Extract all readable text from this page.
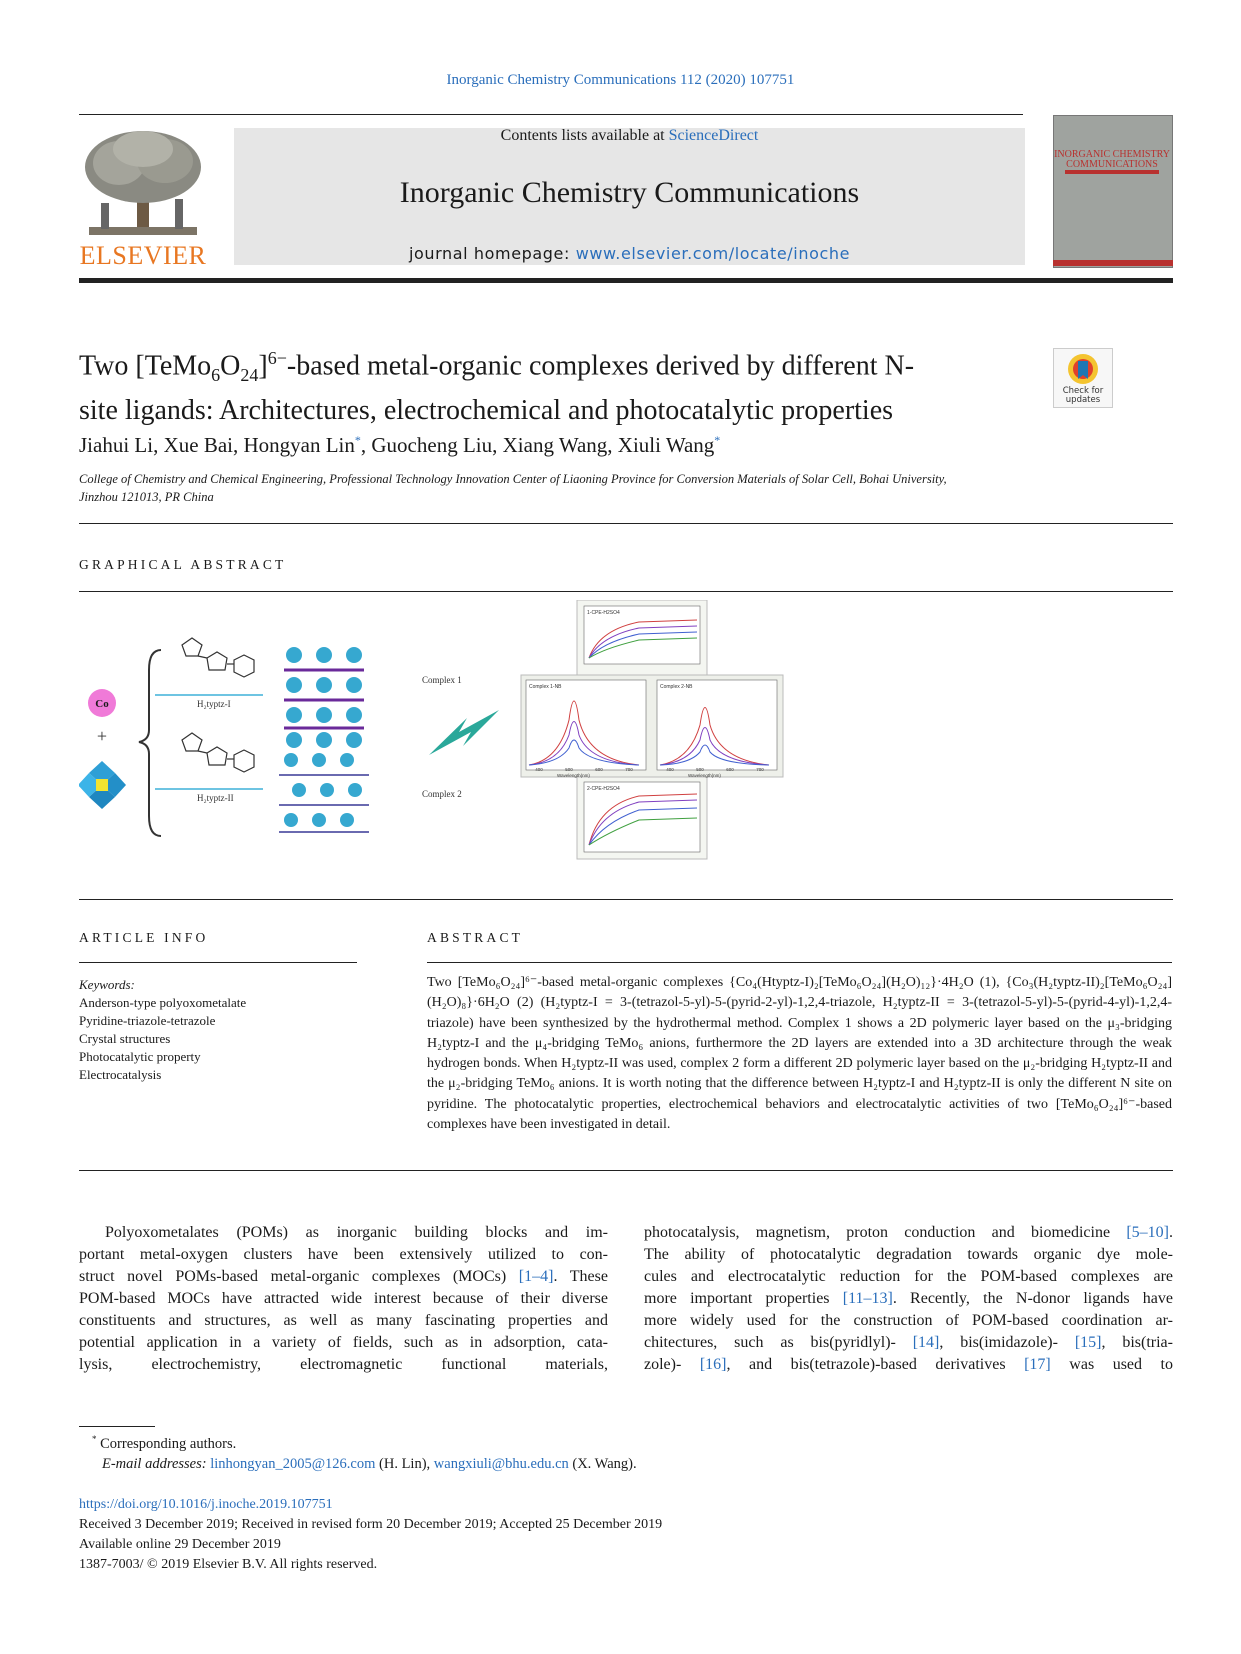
Inorganic Chemistry Communications 112 (2020) 107751
ELSEVIER
Contents lists available at ScienceDirect
Inorganic Chemistry Communications
journal homepage: www.elsevier.com/locate/inoche
INORGANIC CHEMISTRY COMMUNICATIONS
Two $[TeMo_6O_{24}]^{6-}$-based metal-organic complexes derived by different N-
site ligands: Architectures, electrochemical and photocatalytic properties
Check for updates
Jiahui Li, Xue Bai, Hongyan Lin*, Guocheng Liu, Xiang Wang, Xiuli Wang*
College of Chemistry and Chemical Engineering, Professional Technology Innovation Center of Liaoning Province for Conversion Materials of Solar Cell, Bohai University,
Jinzhou 121013, PR China
GRAPHICAL ABSTRACT
Co
+
H₂typtz-I
H₂typtz-II
Complex 1
Complex 2
1-CPE-H2SO4
Complex 1-NB	Complex 2-NB
2-CPE-H2SO4
400	500	600	700	400	500	600	700
Wavelength(nm)	Wavelength(nm)
ARTICLE INFO
Keywords:
Anderson-type polyoxometalate
Pyridine-triazole-tetrazole
Crystal structures
Photocatalytic property
Electrocatalysis
ABSTRACT
Two [TeMo₆O₂₄]⁶⁻-based metal-organic complexes {Co₄(Htyptz-I)₂[TeMo₆O₂₄](H₂O)₁₂}·4H₂O (1), {Co₃(H₂typtz-II)₂[TeMo₆O₂₄](H₂O)₈}·6H₂O (2) (H₂typtz-I = 3-(tetrazol-5-yl)-5-(pyrid-2-yl)-1,2,4-triazole, H₂typtz-II = 3-(tetrazol-5-yl)-5-(pyrid-4-yl)-1,2,4-triazole) have been synthesized by the hydrothermal method. Complex 1 shows a 2D polymeric layer based on the μ₃-bridging H₂typtz-I and the μ₄-bridging TeMo₆ anions, furthermore the 2D layers are extended into a 3D architecture through the weak hydrogen bonds. When H₂typtz-II was used, complex 2 form a different 2D polymeric layer based on the μ₂-bridging H₂typtz-II and the μ₂-bridging TeMo₆ anions. It is worth noting that the difference between H₂typtz-I and H₂typtz-II is only the different N site on pyridine. The photocatalytic properties, electrochemical behaviors and electrocatalytic activities of two [TeMo₆O₂₄]⁶⁻-based complexes have been investigated in detail.
Polyoxometalates (POMs) as inorganic building blocks and im-
portant metal-oxygen clusters have been extensively utilized to con-
struct novel POMs-based metal-organic complexes (MOCs) [1–4]. These
POM-based MOCs have attracted wide interest because of their diverse
constituents and structures, as well as many fascinating properties and
potential application in a variety of fields, such as in adsorption, cata-
lysis, electrochemistry, electromagnetic functional materials,
photocatalysis, magnetism, proton conduction and biomedicine [5–10].
The ability of photocatalytic degradation towards organic dye mole-
cules and electrocatalytic reduction for the POM-based complexes are
more important properties [11–13]. Recently, the N-donor ligands have
more widely used for the construction of POM-based coordination ar-
chitectures, such as bis(pyridlyl)- [14], bis(imidazole)- [15], bis(tria-
zole)- [16], and bis(tetrazole)-based derivatives [17] was used to
* Corresponding authors.
E-mail addresses: linhongyan_2005@126.com (H. Lin), wangxiuli@bhu.edu.cn (X. Wang).
https://doi.org/10.1016/j.inoche.2019.107751
Received 3 December 2019; Received in revised form 20 December 2019; Accepted 25 December 2019
Available online 29 December 2019
1387-7003/ © 2019 Elsevier B.V. All rights reserved.
